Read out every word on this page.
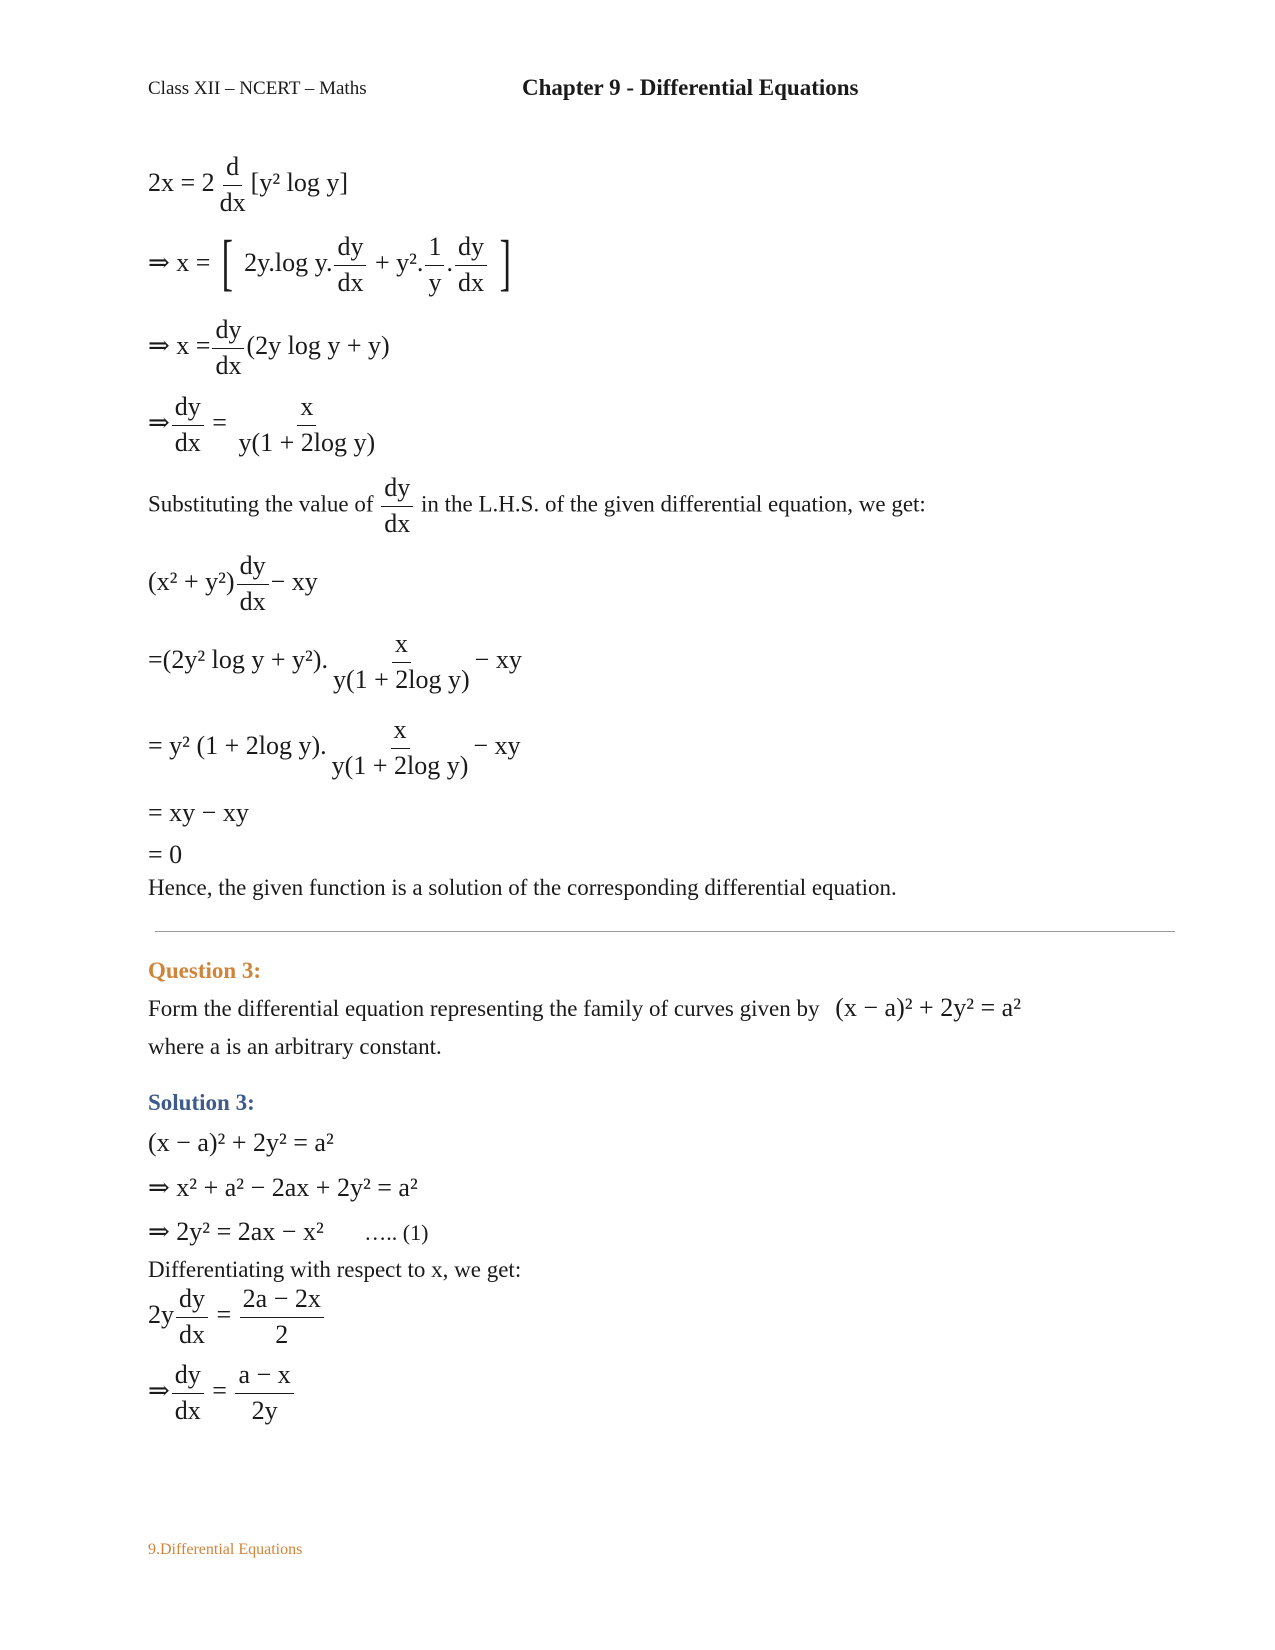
Class XII – NCERT – Maths	Chapter 9 - Differential Equations
$2x = 2 \frac{d}{dx} [y^2$ log y]
⇒ x = [ 2y.log y. $\frac{dy}{dx} + y^2$. $\frac{1}{y}$ . $\frac{dy}{dx}$ ]
⇒ $x = \frac{dy}{dx} (2y$ log y + y)
⇒ $\frac{dy}{dx} = \frac{x}{\text{y(1 + 2log y)}}$
Substituting the value of $\frac{dy}{dx}$ in the L.H.S. of the given differential equation, we get:
$(x^2 + y^2) \frac{dy}{dx}$ − xy
=(2y² log y + y²). $\frac{x}{\text{y(1 + 2log y)}}$ − xy
= y² (1 + 2log y). $\frac{x}{\text{y(1 + 2log y)}}$ − xy
= xy − xy
= 0
Hence, the given function is a solution of the corresponding differential equation.
Question 3:
Form the differential equation representing the family of curves given by (x − a)² + 2y² = a²
where a is an arbitrary constant.
Solution 3:
(x − a)² + 2y² = a²
⇒ x² + a² − 2ax + 2y² = a²
⇒ 2y² = 2ax − x² ….. (1)
Differentiating with respect to x, we get:
$2y \frac{dy}{dx} = \frac{2a - 2x}{2}$
⇒ $\frac{dy}{dx} = \frac{a - x}{2y}$
9.Differential Equations
